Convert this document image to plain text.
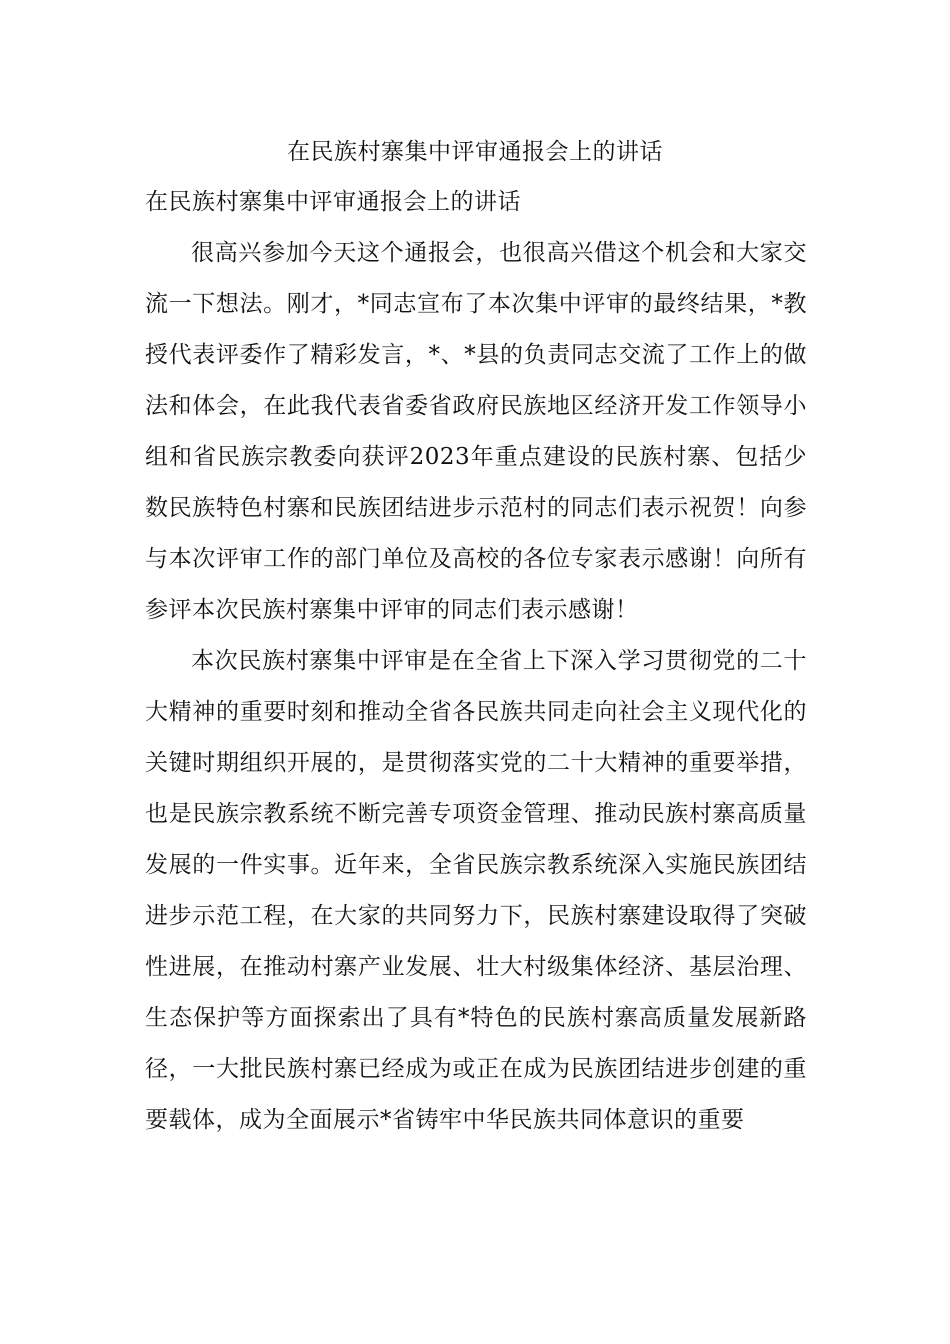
在民族村寨集中评审通报会上的讲话

在民族村寨集中评审通报会上的讲话

很高兴参加今天这个通报会，也很高兴借这个机会和大家交流一下想法。刚才，*同志宣布了本次集中评审的最终结果，*教授代表评委作了精彩发言，*、*县的负责同志交流了工作上的做法和体会，在此我代表省委省政府民族地区经济开发工作领导小组和省民族宗教委向获评2023年重点建设的民族村寨、包括少数民族特色村寨和民族团结进步示范村的同志们表示祝贺！向参与本次评审工作的部门单位及高校的各位专家表示感谢！向所有参评本次民族村寨集中评审的同志们表示感谢！

本次民族村寨集中评审是在全省上下深入学习贯彻党的二十大精神的重要时刻和推动全省各民族共同走向社会主义现代化的关键时期组织开展的，是贯彻落实党的二十大精神的重要举措，也是民族宗教系统不断完善专项资金管理、推动民族村寨高质量发展的一件实事。近年来，全省民族宗教系统深入实施民族团结进步示范工程，在大家的共同努力下，民族村寨建设取得了突破性进展，在推动村寨产业发展、壮大村级集体经济、基层治理、生态保护等方面探索出了具有*特色的民族村寨高质量发展新路径，一大批民族村寨已经成为或正在成为民族团结进步创建的重要载体，成为全面展示*省铸牢中华民族共同体意识的重要
